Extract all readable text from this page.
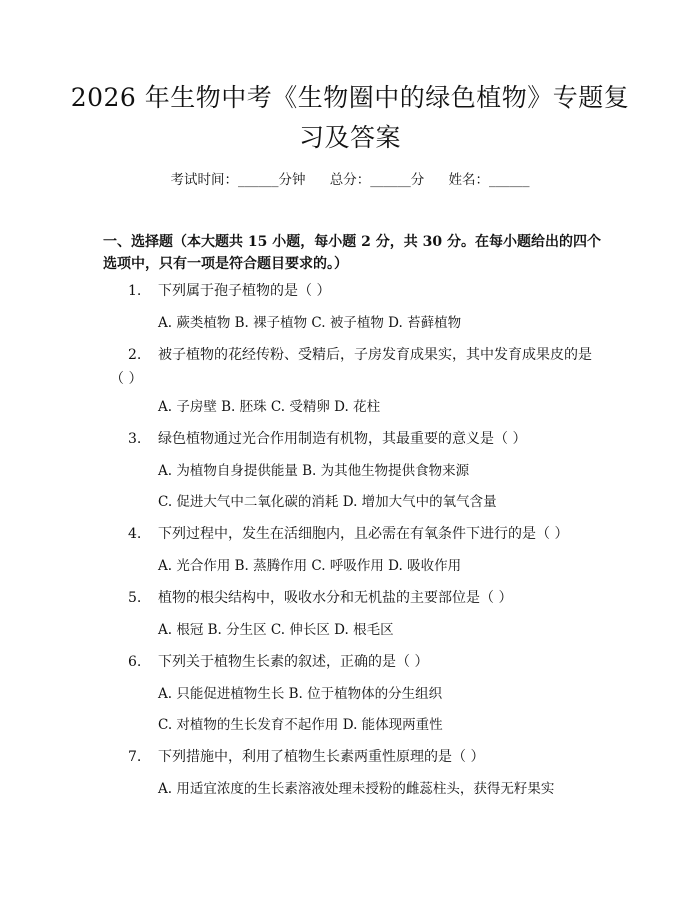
2026 年生物中考《生物圈中的绿色植物》专题复习及答案
考试时间：______分钟 总分：______分 姓名：______
一、选择题（本大题共 15 小题，每小题 2 分，共 30 分。在每小题给出的四个选项中，只有一项是符合题目要求的。）
1. 下列属于孢子植物的是（ ）
A. 蕨类植物 B. 裸子植物 C. 被子植物 D. 苔藓植物
2. 被子植物的花经传粉、受精后，子房发育成果实，其中发育成果皮的是（ ）
A. 子房壁 B. 胚珠 C. 受精卵 D. 花柱
3. 绿色植物通过光合作用制造有机物，其最重要的意义是（ ）
A. 为植物自身提供能量 B. 为其他生物提供食物来源
C. 促进大气中二氧化碳的消耗 D. 增加大气中的氧气含量
4. 下列过程中，发生在活细胞内，且必需在有氧条件下进行的是（ ）
A. 光合作用 B. 蒸腾作用 C. 呼吸作用 D. 吸收作用
5. 植物的根尖结构中，吸收水分和无机盐的主要部位是（ ）
A. 根冠 B. 分生区 C. 伸长区 D. 根毛区
6. 下列关于植物生长素的叙述，正确的是（ ）
A. 只能促进植物生长 B. 位于植物体的分生组织
C. 对植物的生长发育不起作用 D. 能体现两重性
7. 下列措施中，利用了植物生长素两重性原理的是（ ）
A. 用适宜浓度的生长素溶液处理未授粉的雌蕊柱头，获得无籽果实
